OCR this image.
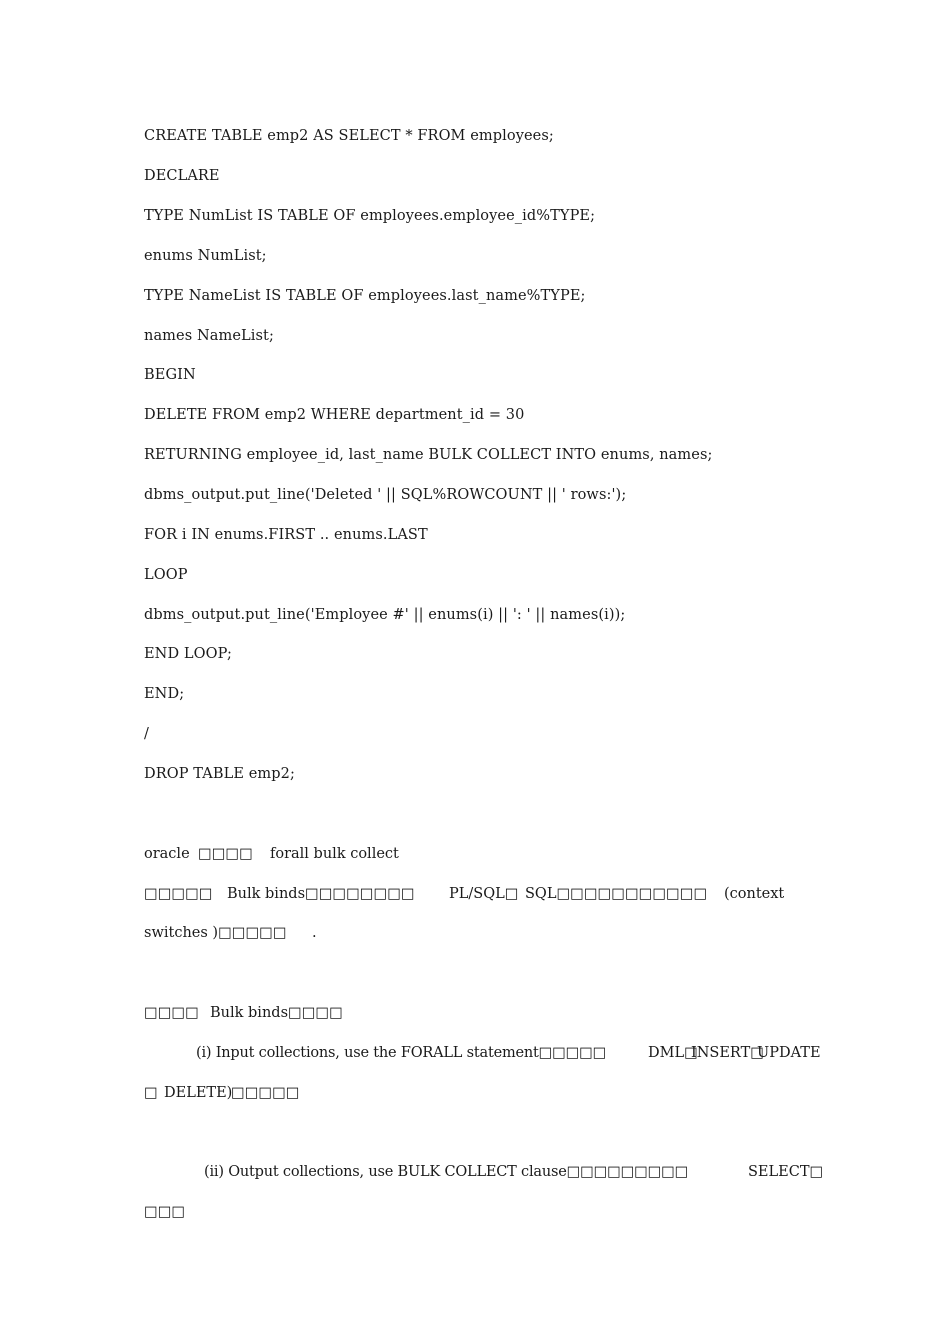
CREATE TABLE emp2 AS SELECT * FROM employees;
DECLARE
TYPE NumList IS TABLE OF employees.employee_id%TYPE;
enums NumList;
TYPE NameList IS TABLE OF employees.last_name%TYPE;
names NameList;
BEGIN
DELETE FROM emp2 WHERE department_id = 30
RETURNING employee_id, last_name BULK COLLECT INTO enums, names;
dbms_output.put_line('Deleted ' || SQL%ROWCOUNT || ' rows:');
FOR i IN enums.FIRST .. enums.LAST
LOOP
dbms_output.put_line('Employee #' || enums(i) || ': ' || names(i));
END LOOP;
END;
/
DROP TABLE emp2;
oracle □□□□ forall bulk collect
□□□□□ Bulk binds□□□□□□□□ PL/SQL□ SQL□□□□□□□□□□□ (context
switches )□□□□□ .
□□□□ Bulk binds□□□□
(i) Input collections, use the FORALL statement□□□□□	DML□
INSERT□
UPDATE
□ DELETE)
□□□□□
(ii) Output collections, use BULK COLLECT clause□□□□□□□□□	SELECT□
□□□
